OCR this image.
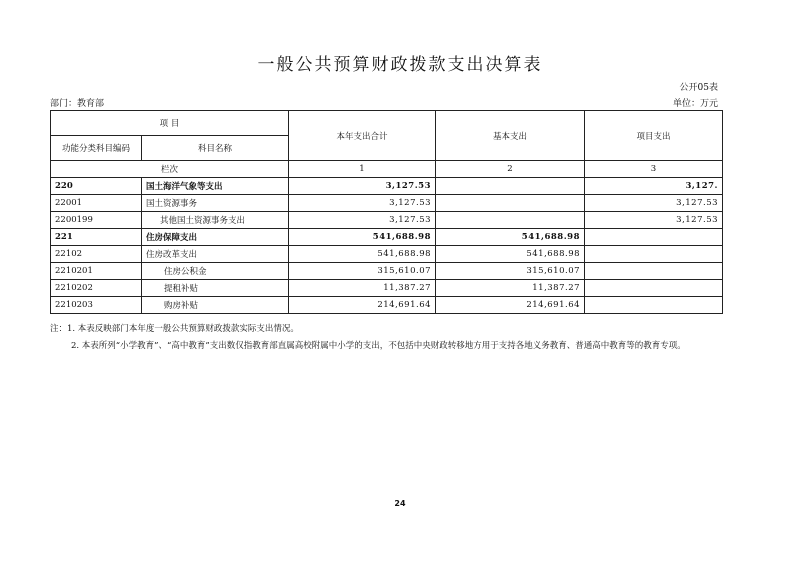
一般公共预算财政拨款支出决算表
公开05表
部门：教育部	单位：万元
项 目		本年支出合计	基本支出	项目支出
功能分类科目编码	科目名称			
栏次		1	2	3
220	国土海洋气象等支出	3,127.53		3,127.
22001	国土资源事务	3,127.53		3,127.53
2200199	其他国土资源事务支出	3,127.53		3,127.53
221	住房保障支出	541,688.98	541,688.98	
22102	住房改革支出	541,688.98	541,688.98	
2210201	住房公积金	315,610.07	315,610.07	
2210202	提租补贴	11,387.27	11,387.27	
2210203	购房补贴	214,691.64	214,691.64	
注：1. 本表反映部门本年度一般公共预算财政拨款实际支出情况。
2. 本表所列“小学教育”、“高中教育”支出数仅指教育部直属高校附属中小学的支出，不包括中央财政转移地方用于支持各地义务教育、普通高中教育等的教育专项。
24
